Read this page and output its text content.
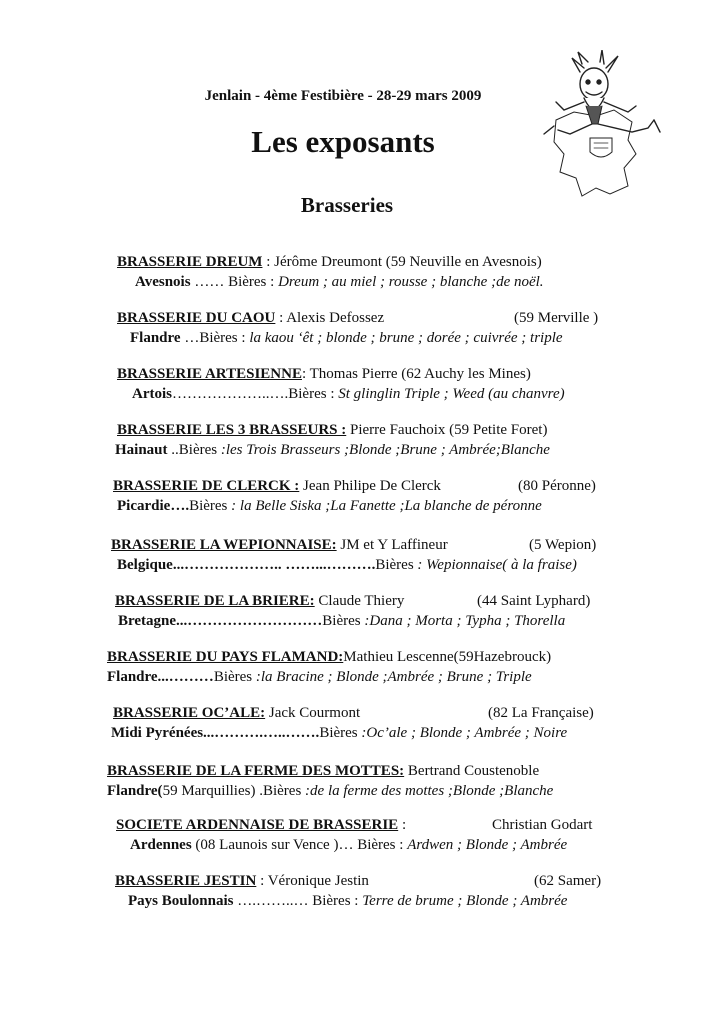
Jenlain - 4ème Festibière - 28-29 mars 2009
Les exposants
Brasseries
BRASSERIE DREUM : Jérôme Dreumont (59 Neuville en Avesnois)
Avesnois …… Bières : Dreum ; au miel ; rousse ; blanche ;de noël.
BRASSERIE DU CAOU : Alexis Defossez	(59 Merville )
Flandre …Bières : la kaou ‘êt ; blonde ; brune ; dorée ; cuivrée ; triple
BRASSERIE ARTESIENNE: Thomas Pierre (62 Auchy les Mines)
Artois………………..….Bières : St glinglin Triple ; Weed (au chanvre)
BRASSERIE LES 3 BRASSEURS : Pierre Fauchoix (59 Petite Foret)
Hainaut ..Bières :les Trois Brasseurs ;Blonde ;Brune ; Ambrée;Blanche
BRASSERIE DE CLERCK : Jean Philipe De Clerck	(80 Péronne)
Picardie….Bières : la Belle Siska ;La Fanette ;La blanche de péronne
BRASSERIE LA WEPIONNAISE: JM et Y Laffineur	(5 Wepion)
Belgique...……………….. ……...……….Bières : Wepionnaise( à la fraise)
BRASSERIE DE LA BRIERE: Claude Thiery	(44 Saint Lyphard)
Bretagne...………………………Bières :Dana ; Morta ; Typha ; Thorella
BRASSERIE DU PAYS FLAMAND:Mathieu Lescenne(59Hazebrouck)
Flandre...………Bières :la Bracine ; Blonde ;Ambrée ; Brune ; Triple
BRASSERIE OC’ALE: Jack Courmont	(82 La Française)
Midi Pyrénées...……….…..…….Bières :Oc’ale ; Blonde ; Ambrée ; Noire
BRASSERIE DE LA FERME DES MOTTES: Bertrand Coustenoble
Flandre(59 Marquillies) .Bières :de la ferme des mottes ;Blonde ;Blanche
SOCIETE ARDENNAISE DE BRASSERIE :	Christian Godart
Ardennes (08 Launois sur Vence )… Bières : Ardwen ; Blonde ; Ambrée
BRASSERIE JESTIN : Véronique Jestin	(62 Samer)
Pays Boulonnais ….……..… Bières : Terre de brume ; Blonde ; Ambrée
